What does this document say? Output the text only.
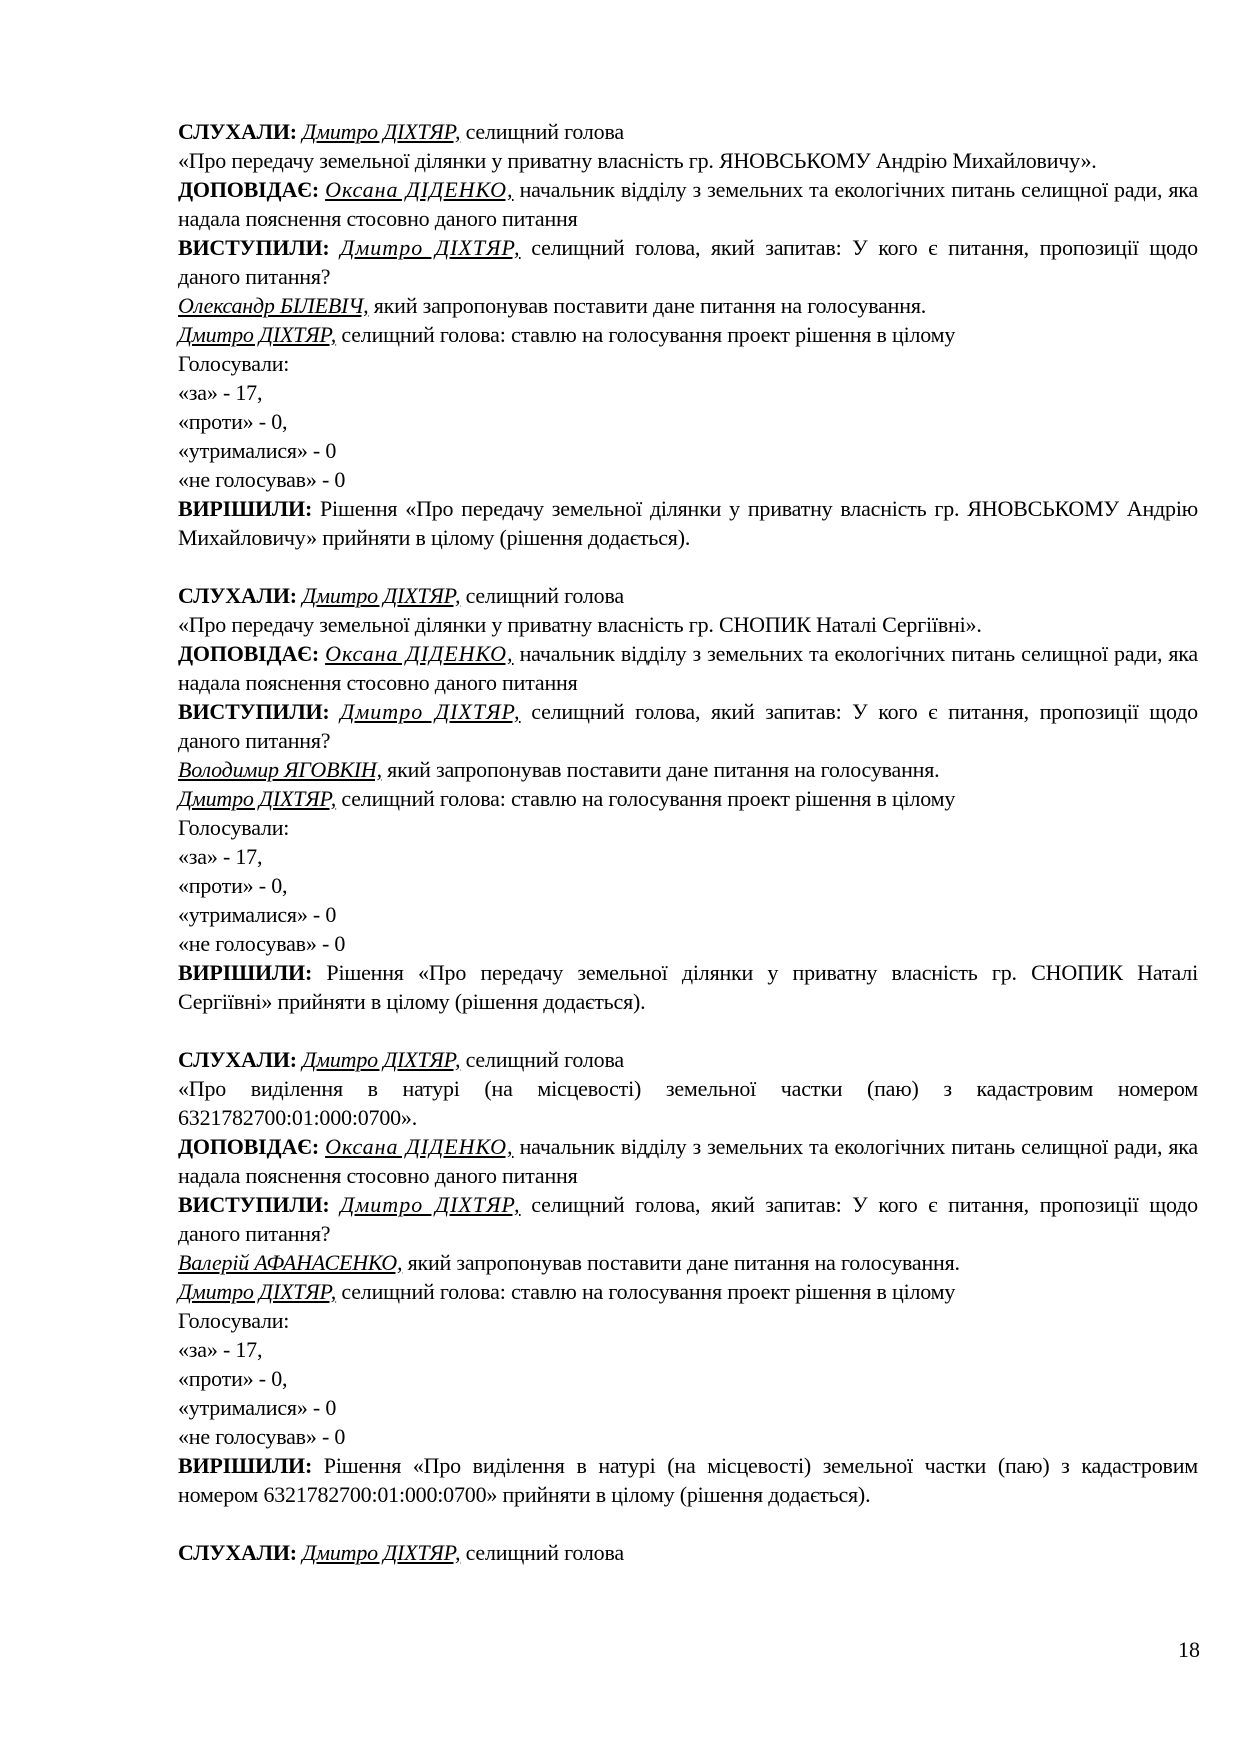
СЛУХАЛИ: Дмитро ДІХТЯР, селищний голова

«Про передачу земельної ділянки у приватну власність гр. ЯНОВСЬКОМУ Андрію Михайловичу».

ДОПОВІДАЄ: Оксана ДІДЕНКО, начальник відділу з земельних та екологічних питань селищної ради, яка надала пояснення стосовно даного питання

ВИСТУПИЛИ: Дмитро ДІХТЯР, селищний голова, який запитав: У кого є питання, пропозиції щодо даного питання?

Олександр БІЛЕВІЧ, який запропонував поставити дане питання на голосування.

Дмитро ДІХТЯР, селищний голова: ставлю на голосування проект рішення в цілому

Голосували:

«за» - 17,

«проти» - 0,

«утрималися» - 0

«не голосував» - 0

ВИРІШИЛИ: Рішення «Про передачу земельної ділянки у приватну власність гр. ЯНОВСЬКОМУ Андрію Михайловичу» прийняти в цілому (рішення додається).

СЛУХАЛИ: Дмитро ДІХТЯР, селищний голова

«Про передачу земельної ділянки у приватну власність гр. СНОПИК Наталі Сергіївні».

ДОПОВІДАЄ: Оксана ДІДЕНКО, начальник відділу з земельних та екологічних питань селищної ради, яка надала пояснення стосовно даного питання

ВИСТУПИЛИ: Дмитро ДІХТЯР, селищний голова, який запитав: У кого є питання, пропозиції щодо даного питання?

Володимир ЯГОВКІН, який запропонував поставити дане питання на голосування.

Дмитро ДІХТЯР, селищний голова: ставлю на голосування проект рішення в цілому

Голосували:

«за» - 17,

«проти» - 0,

«утрималися» - 0

«не голосував» - 0

ВИРІШИЛИ: Рішення «Про передачу земельної ділянки у приватну власність гр. СНОПИК Наталі Сергіївні» прийняти в цілому (рішення додається).

СЛУХАЛИ: Дмитро ДІХТЯР, селищний голова

«Про виділення в натурі (на місцевості) земельної частки (паю) з кадастровим номером 6321782700:01:000:0700».

ДОПОВІДАЄ: Оксана ДІДЕНКО, начальник відділу з земельних та екологічних питань селищної ради, яка надала пояснення стосовно даного питання

ВИСТУПИЛИ: Дмитро ДІХТЯР, селищний голова, який запитав: У кого є питання, пропозиції щодо даного питання?

Валерій АФАНАСЕНКО, який запропонував поставити дане питання на голосування.

Дмитро ДІХТЯР, селищний голова: ставлю на голосування проект рішення в цілому

Голосували:

«за» - 17,

«проти» - 0,

«утрималися» - 0

«не голосував» - 0

ВИРІШИЛИ: Рішення «Про виділення в натурі (на місцевості) земельної частки (паю) з кадастровим номером 6321782700:01:000:0700» прийняти в цілому (рішення додається).

СЛУХАЛИ: Дмитро ДІХТЯР, селищний голова

18
